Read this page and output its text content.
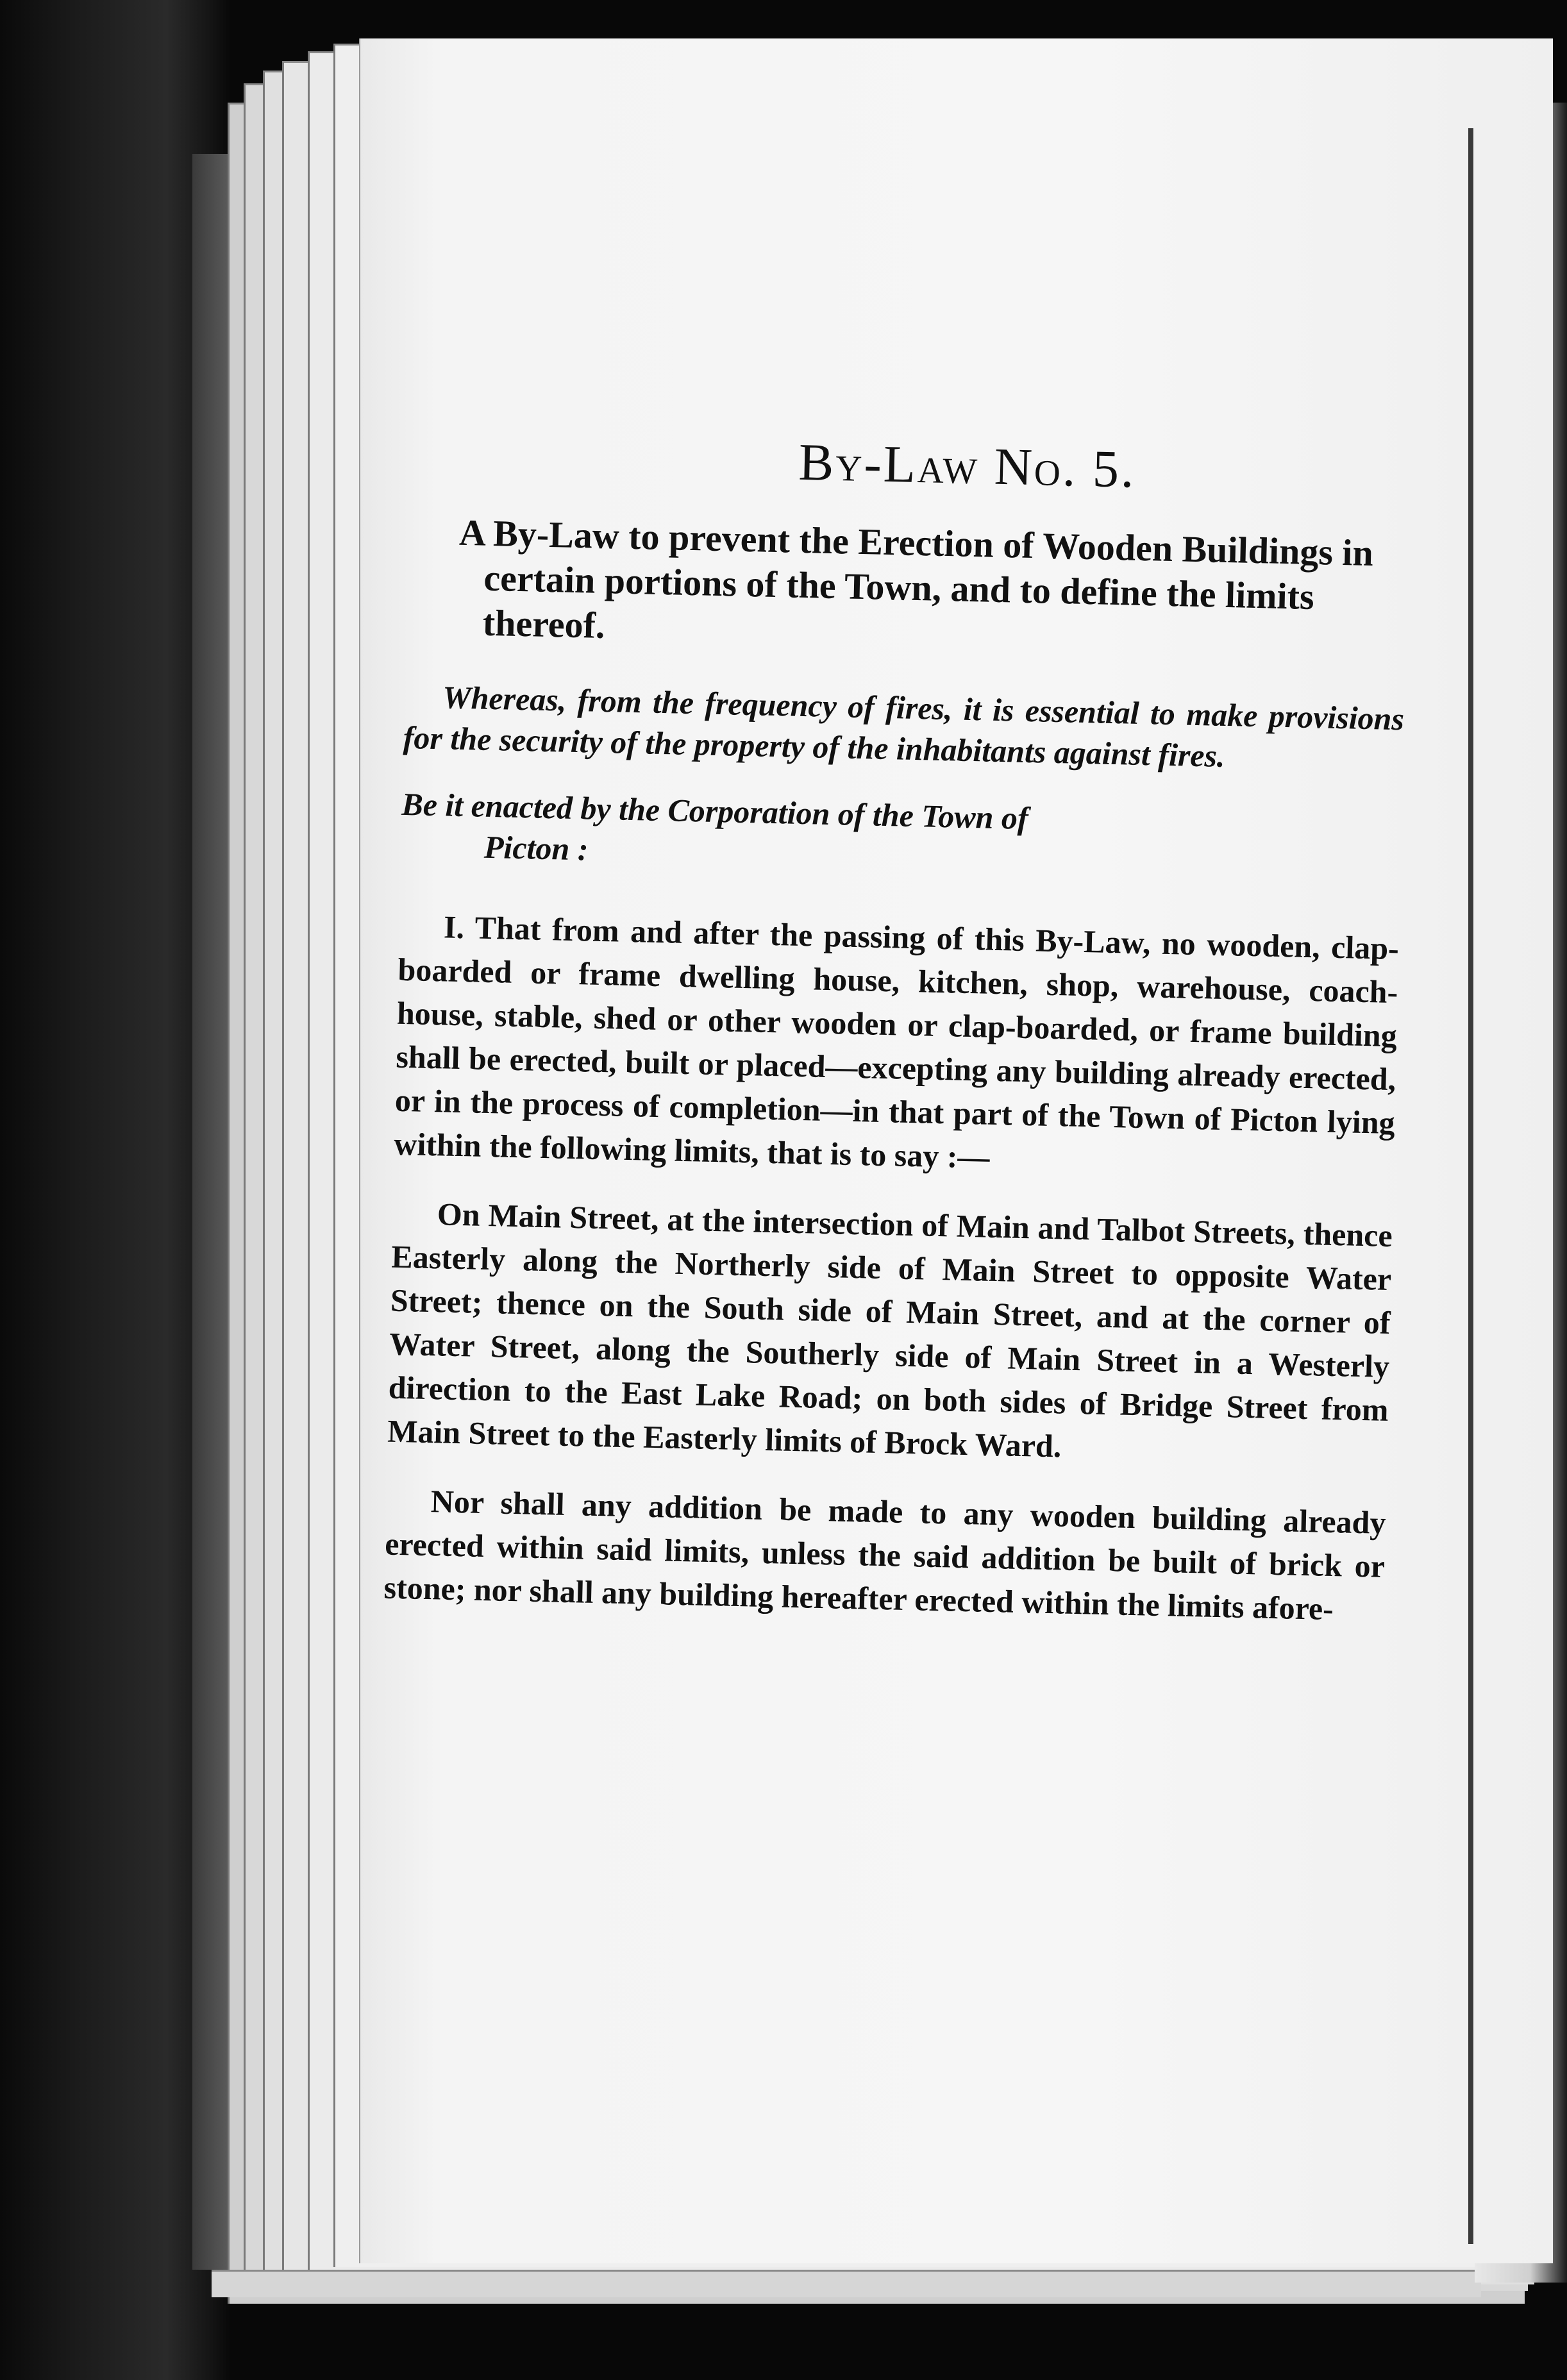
By-Law No. 5.
A By-Law to prevent the Erection of Wooden Buildings in certain portions of the Town, and to define the limits thereof.
Whereas, from the frequency of fires, it is essential to make provisions for the security of the property of the inhabitants against fires.
Be it enacted by the Corporation of the Town of
Picton :
I. That from and after the passing of this By-Law, no wooden, clap-boarded or frame dwelling house, kitchen, shop, warehouse, coach-house, stable, shed or other wooden or clap-boarded, or frame building shall be erected, built or placed—excepting any building already erected, or in the process of completion—in that part of the Town of Picton lying within the following limits, that is to say :—
On Main Street, at the intersection of Main and Talbot Streets, thence Easterly along the Northerly side of Main Street to opposite Water Street; thence on the South side of Main Street, and at the corner of Water Street, along the Southerly side of Main Street in a Westerly direction to the East Lake Road; on both sides of Bridge Street from Main Street to the Easterly limits of Brock Ward.
Nor shall any addition be made to any wooden building already erected within said limits, unless the said addition be built of brick or stone; nor shall any building hereafter erected within the limits afore-
